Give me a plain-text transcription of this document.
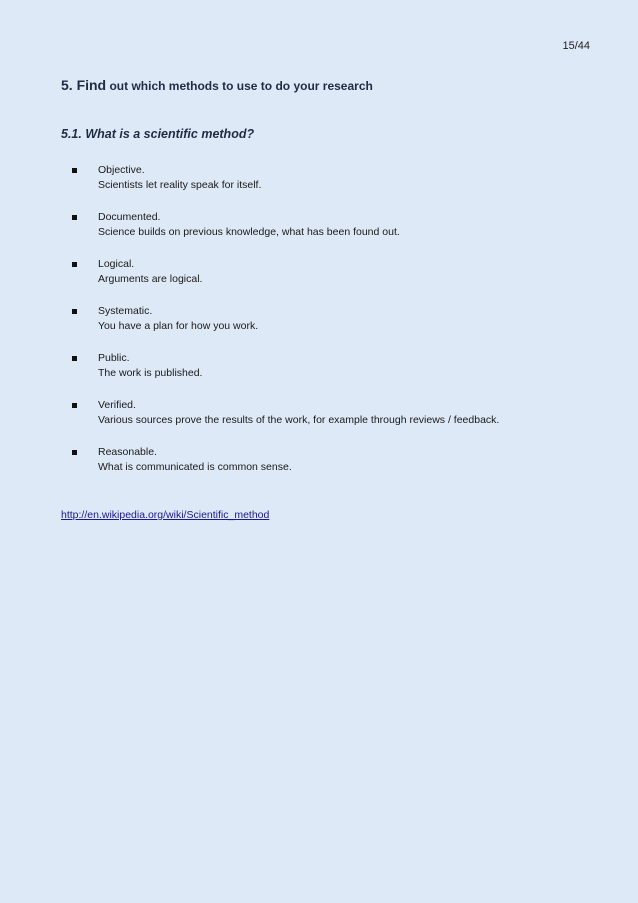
15/44
5. Find out which methods to use to do your research
5.1. What is a scientific method?
Objective.
Scientists let reality speak for itself.
Documented.
Science builds on previous knowledge, what has been found out.
Logical.
Arguments are logical.
Systematic.
You have a plan for how you work.
Public.
The work is published.
Verified.
Various sources prove the results of the work, for example through reviews / feedback.
Reasonable.
What is communicated is common sense.
http://en.wikipedia.org/wiki/Scientific_method
